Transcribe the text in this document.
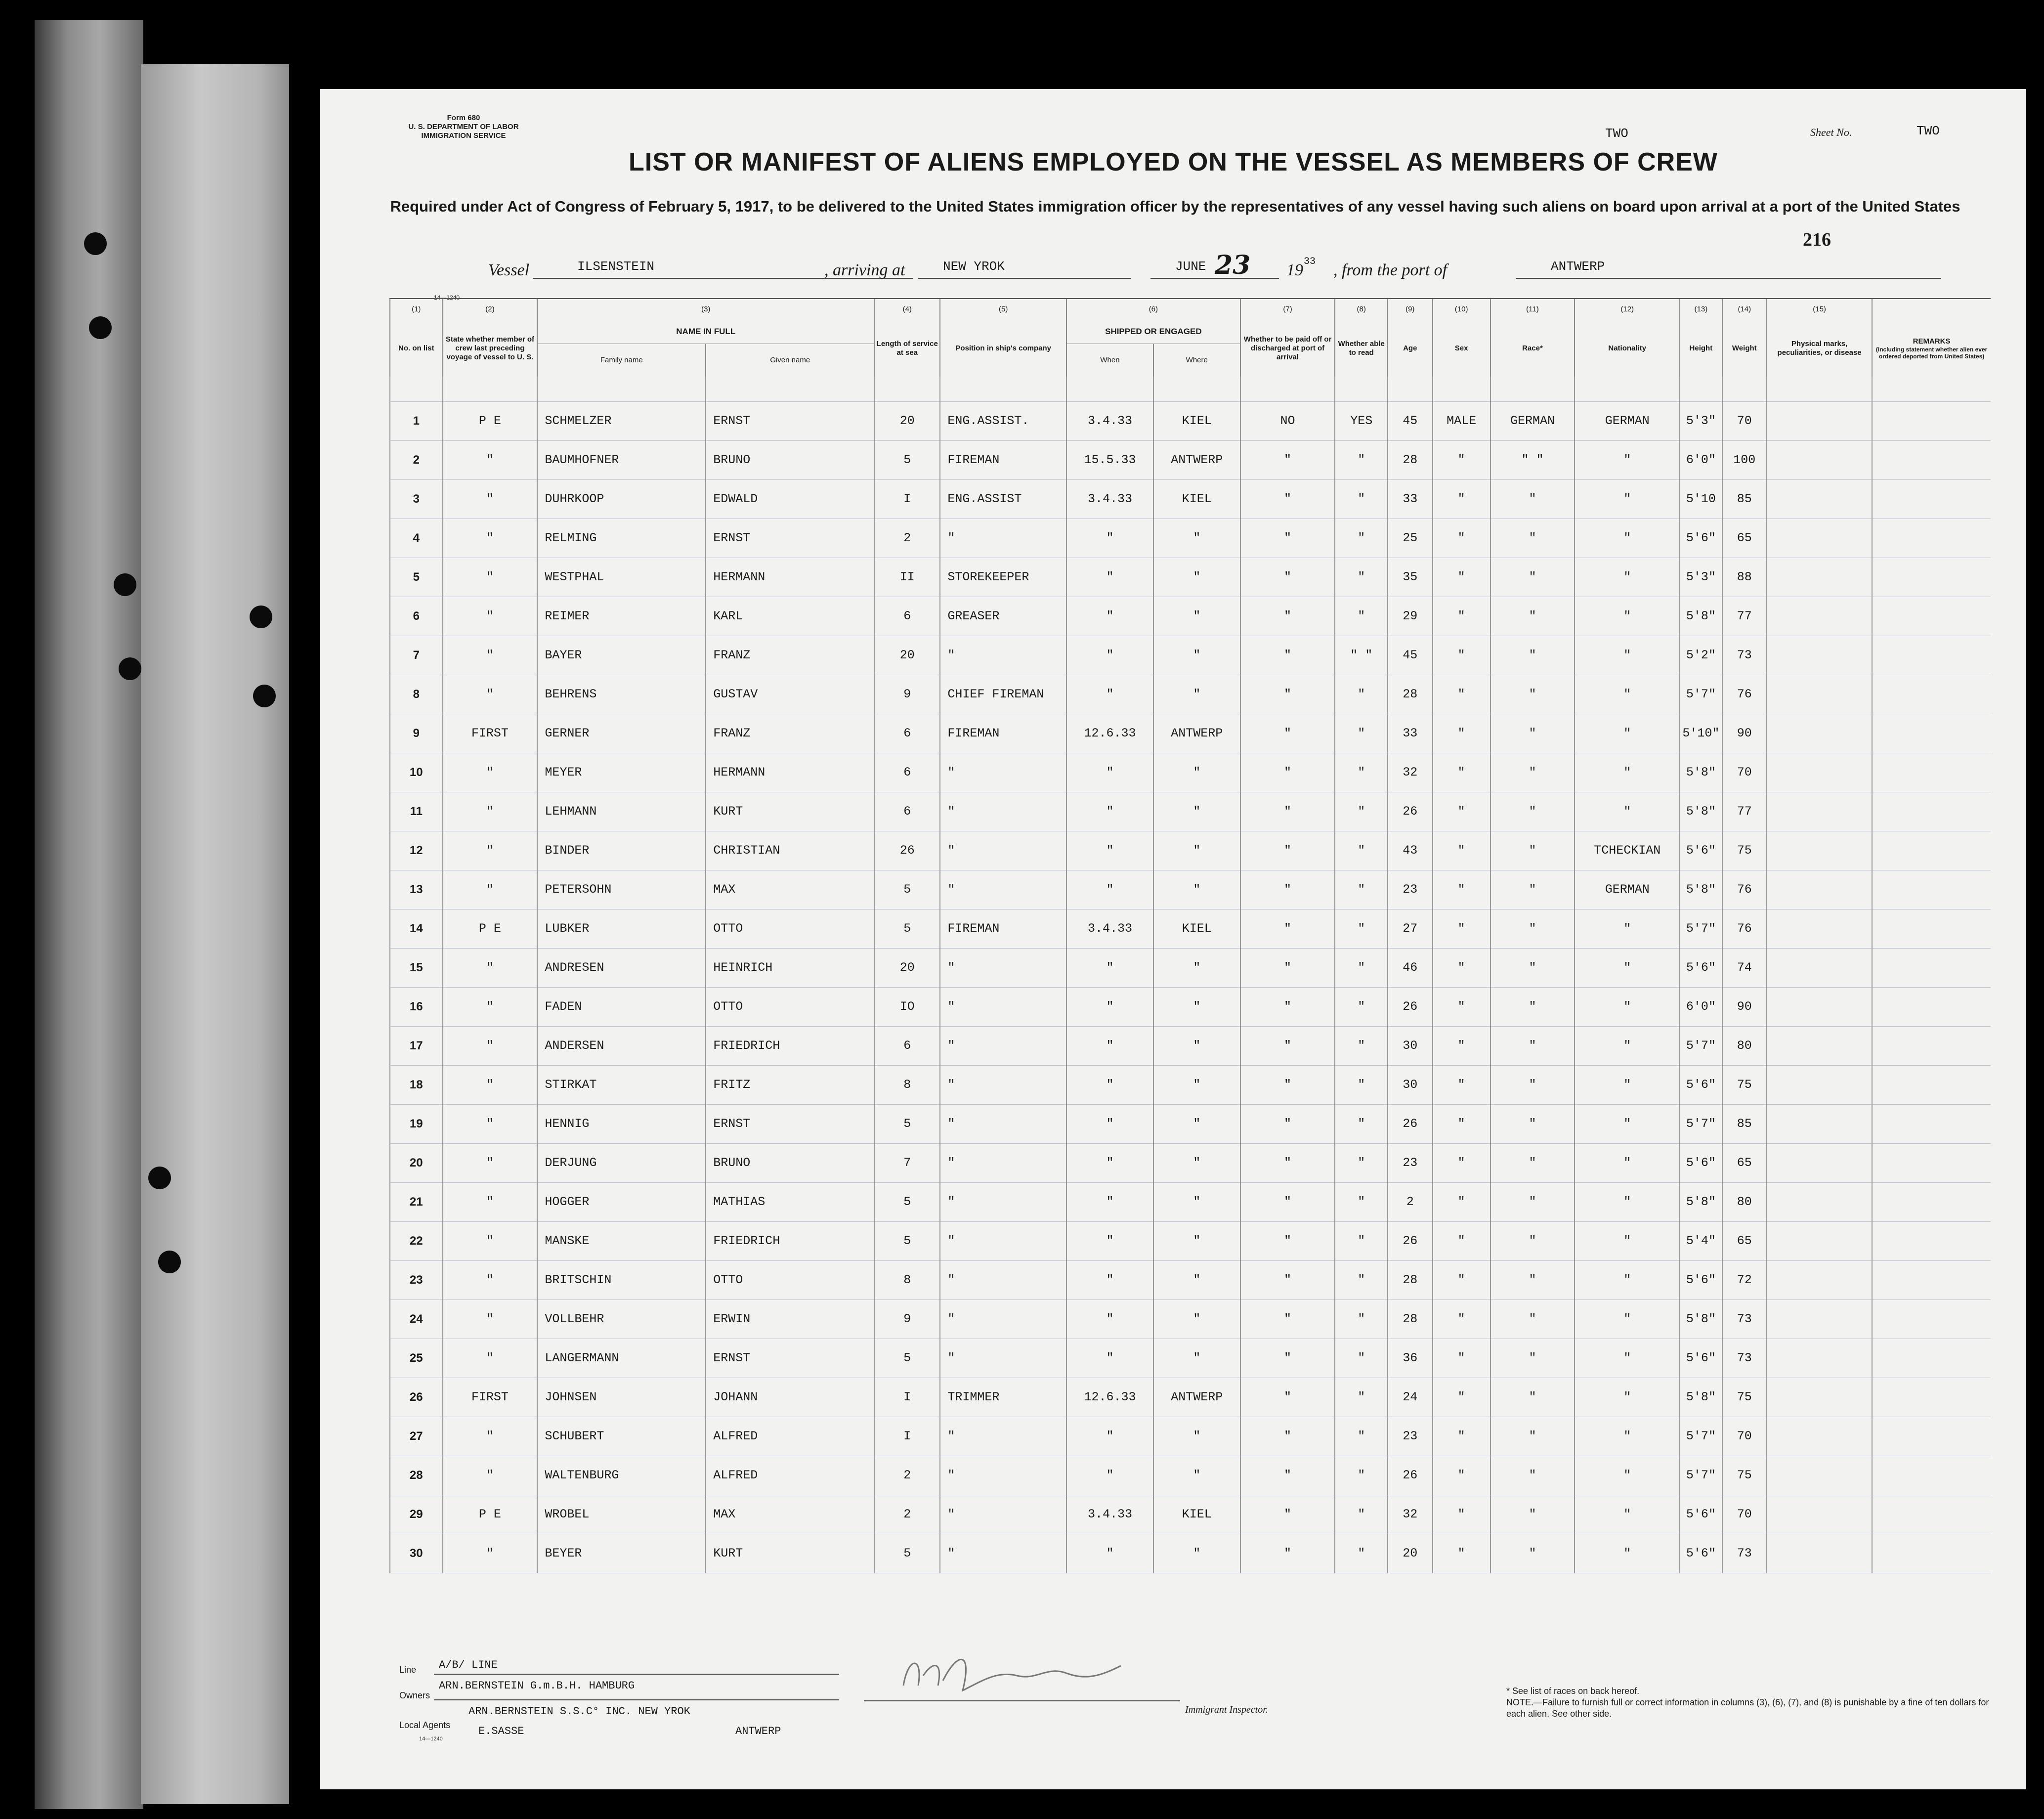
Form 680
U. S. DEPARTMENT OF LABOR
IMMIGRATION SERVICE	TWO	Sheet No.	TWO
LIST OR MANIFEST OF ALIENS EMPLOYED ON THE VESSEL AS MEMBERS OF CREW
Required under Act of Congress of February 5, 1917, to be delivered to the United States immigration officer by the representatives of any vessel having such aliens on board upon arrival at a port of the United States
216
Vessel	ILSENSTEIN	, arriving at	NEW YROK	JUNE 23 19 33 , from the port of	ANTWERP
14—1240
(1)	(2)	(3)		(4)	(5)	(6)		(7)	(8)	(9)	(10)	(11)	(12)	(13)	(14)	(15)	
No. on list	State whether member of crew last preceding voyage of vessel to U. S.	NAME IN FULL		Length of service at sea	Position in ship's company	SHIPPED OR ENGAGED		Whether to be paid off or discharged at port of arrival	Whether able to read	Age	Sex	Race*	Nationality	Height	Weight	Physical marks, peculiarities, or disease	REMARKS
(Including statement whether alien ever ordered deported from United States)

		Family name	Given name			When	Where										

1	P E	SCHMELZER	ERNST	20	ENG.ASSIST.	3.4.33	KIEL	NO	YES	45	MALE	GERMAN	GERMAN	5'3"	70		
2	"	BAUMHOFNER	BRUNO	5	FIREMAN	15.5.33	ANTWERP	"	"	28	"	" "	"	6'0"	100		
3	"	DUHRKOOP	EDWALD	I	ENG.ASSIST	3.4.33	KIEL	"	"	33	"	"	"	5'10	85		
4	"	RELMING	ERNST	2	"	"	"	"	"	25	"	"	"	5'6"	65		
5	"	WESTPHAL	HERMANN	II	STOREKEEPER	"	"	"	"	35	"	"	"	5'3"	88		
6	"	REIMER	KARL	6	GREASER	"	"	"	"	29	"	"	"	5'8"	77		
7	"	BAYER	FRANZ	20	"	"	"	"	" "	45	"	"	"	5'2"	73		
8	"	BEHRENS	GUSTAV	9	CHIEF FIREMAN	"	"	"	"	28	"	"	"	5'7"	76		
9	FIRST	GERNER	FRANZ	6	FIREMAN	12.6.33	ANTWERP	"	"	33	"	"	"	5'10"	90		
10	"	MEYER	HERMANN	6	"	"	"	"	"	32	"	"	"	5'8"	70		
11	"	LEHMANN	KURT	6	"	"	"	"	"	26	"	"	"	5'8"	77		
12	"	BINDER	CHRISTIAN	26	"	"	"	"	"	43	"	"	TCHECKIAN	5'6"	75		
13	"	PETERSOHN	MAX	5	"	"	"	"	"	23	"	"	GERMAN	5'8"	76		
14	P E	LUBKER	OTTO	5	FIREMAN	3.4.33	KIEL	"	"	27	"	"	"	5'7"	76		
15	"	ANDRESEN	HEINRICH	20	"	"	"	"	"	46	"	"	"	5'6"	74		
16	"	FADEN	OTTO	IO	"	"	"	"	"	26	"	"	"	6'0"	90		
17	"	ANDERSEN	FRIEDRICH	6	"	"	"	"	"	30	"	"	"	5'7"	80		
18	"	STIRKAT	FRITZ	8	"	"	"	"	"	30	"	"	"	5'6"	75		
19	"	HENNIG	ERNST	5	"	"	"	"	"	26	"	"	"	5'7"	85		
20	"	DERJUNG	BRUNO	7	"	"	"	"	"	23	"	"	"	5'6"	65		
21	"	HOGGER	MATHIAS	5	"	"	"	"	"	2	"	"	"	5'8"	80		
22	"	MANSKE	FRIEDRICH	5	"	"	"	"	"	26	"	"	"	5'4"	65		
23	"	BRITSCHIN	OTTO	8	"	"	"	"	"	28	"	"	"	5'6"	72		
24	"	VOLLBEHR	ERWIN	9	"	"	"	"	"	28	"	"	"	5'8"	73		
25	"	LANGERMANN	ERNST	5	"	"	"	"	"	36	"	"	"	5'6"	73		
26	FIRST	JOHNSEN	JOHANN	I	TRIMMER	12.6.33	ANTWERP	"	"	24	"	"	"	5'8"	75		
27	"	SCHUBERT	ALFRED	I	"	"	"	"	"	23	"	"	"	5'7"	70		
28	"	WALTENBURG	ALFRED	2	"	"	"	"	"	26	"	"	"	5'7"	75		
29	P E	WROBEL	MAX	2	"	3.4.33	KIEL	"	"	32	"	"	"	5'6"	70		
30	"	BEYER	KURT	5	"	"	"	"	"	20	"	"	"	5'6"	73		
Line A/B/ LINE
Owners
ARN.BERNSTEIN G.m.B.H. HAMBURG
Local Agents
ARN.BERNSTEIN S.S.C° INC. NEW YROK
E.SASSE	ANTWERP
14—1240
Immigrant Inspector.
* See list of races on back hereof.
NOTE.—Failure to furnish full or correct information in columns (3), (6), (7), and (8) is punishable by a fine of ten dollars for each alien. See other side.
